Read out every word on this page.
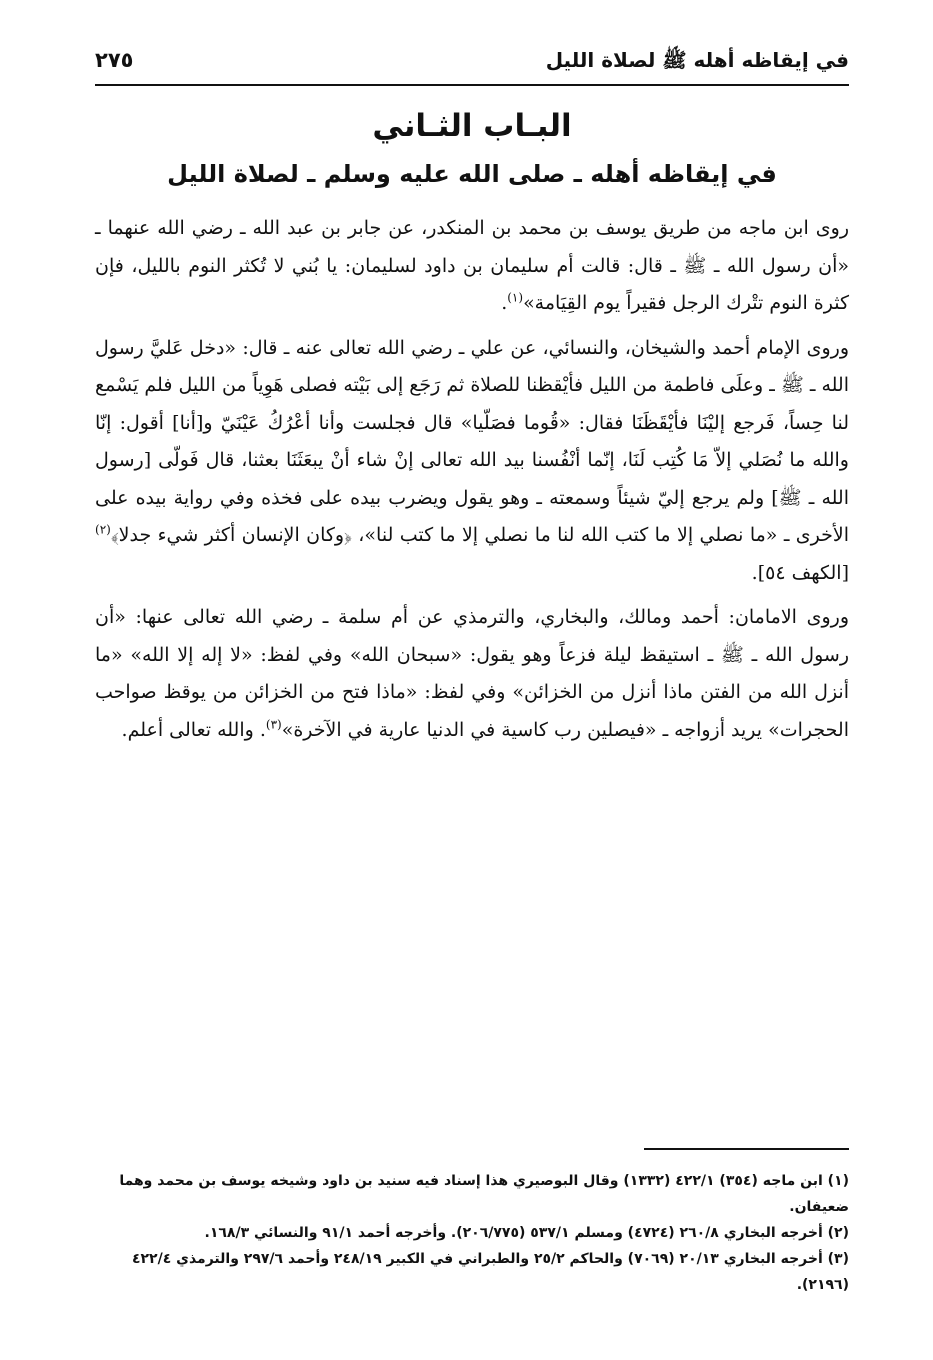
في إيقاظه أهله ﷺ لصلاة الليل
٢٧٥
البـاب الثـاني
في إيقاظه أهله ـ صلى الله عليه وسلم ـ لصلاة الليل

روى ابن ماجه من طريق يوسف بن محمد بن المنكدر، عن جابر بن عبد الله ـ رضي الله عنهما ـ «أن رسول الله ـ ﷺ ـ قال: قالت أم سليمان بن داود لسليمان: يا بُني لا تُكثر النوم بالليل، فإن كثرة النوم تتْرك الرجل فقيراً يوم القِيَامة»$^{(١)}$.

وروى الإمام أحمد والشيخان، والنسائي، عن علي ـ رضي الله تعالى عنه ـ قال: «دخل عَليَّ رسول الله ـ ﷺ ـ وعلَى فاطمة من الليل فأيْقظنا للصلاة ثم رَجَع إلى بَيْته فصلى هَوِياً من الليل فلم يَسْمع لنا حِساً، فَرجع إليْنَا فأيْقَظَنَا فقال: «قُوما فصَلّيا» قال فجلست وأنا أعْرُكُ عَيْنَيّ و[أنا] أقول: إنّا والله ما نُصَلي إلاّ مَا كُتِب لَنَا، إنّما أنْفُسنا بيد الله تعالى إنْ شاء أنْ يبعَثَنَا بعثنا، قال فَولّى [رسول الله ـ ﷺ] ولم يرجع إليّ شيئاً وسمعته ـ وهو يقول ويضرب بيده على فخذه وفي رواية بيده على الأخرى ـ «ما نصلي إلا ما كتب الله لنا ما نصلي إلا ما كتب لنا»، ﴿وكان الإنسان أكثر شيء جدلا﴾$^{(٢)}$ [الكهف ٥٤].

وروى الامامان: أحمد ومالك، والبخاري، والترمذي عن أم سلمة ـ رضي الله تعالى عنها: «أن رسول الله ـ ﷺ ـ استيقظ ليلة فزعاً وهو يقول: «سبحان الله» وفي لفظ: «لا إله إلا الله» «ما أنزل الله من الفتن ماذا أنزل من الخزائن» وفي لفظ: «ماذا فتح من الخزائن من يوقظ صواحب الحجرات» يريد أزواجه ـ «فيصلين رب كاسية في الدنيا عارية في الآخرة»$^{(٣)}$. والله تعالى أعلم.

(١) ابن ماجه (٣٥٤) ٤٢٢/١ (١٣٣٢) وقال البوصيري هذا إسناد فيه سنيد بن داود وشيخه يوسف بن محمد وهما ضعيفان.

(٢) أخرجه البخاري ٢٦٠/٨ (٤٧٢٤) ومسلم ٥٣٧/١ (٢٠٦/٧٧٥). وأخرجه أحمد ٩١/١ والنسائي ١٦٨/٣.

(٣) أخرجه البخاري ٢٠/١٣ (٧٠٦٩) والحاكم ٢٥/٢ والطبراني في الكبير ٢٤٨/١٩ وأحمد ٢٩٧/٦ والترمذي ٤٢٢/٤ (٢١٩٦).
